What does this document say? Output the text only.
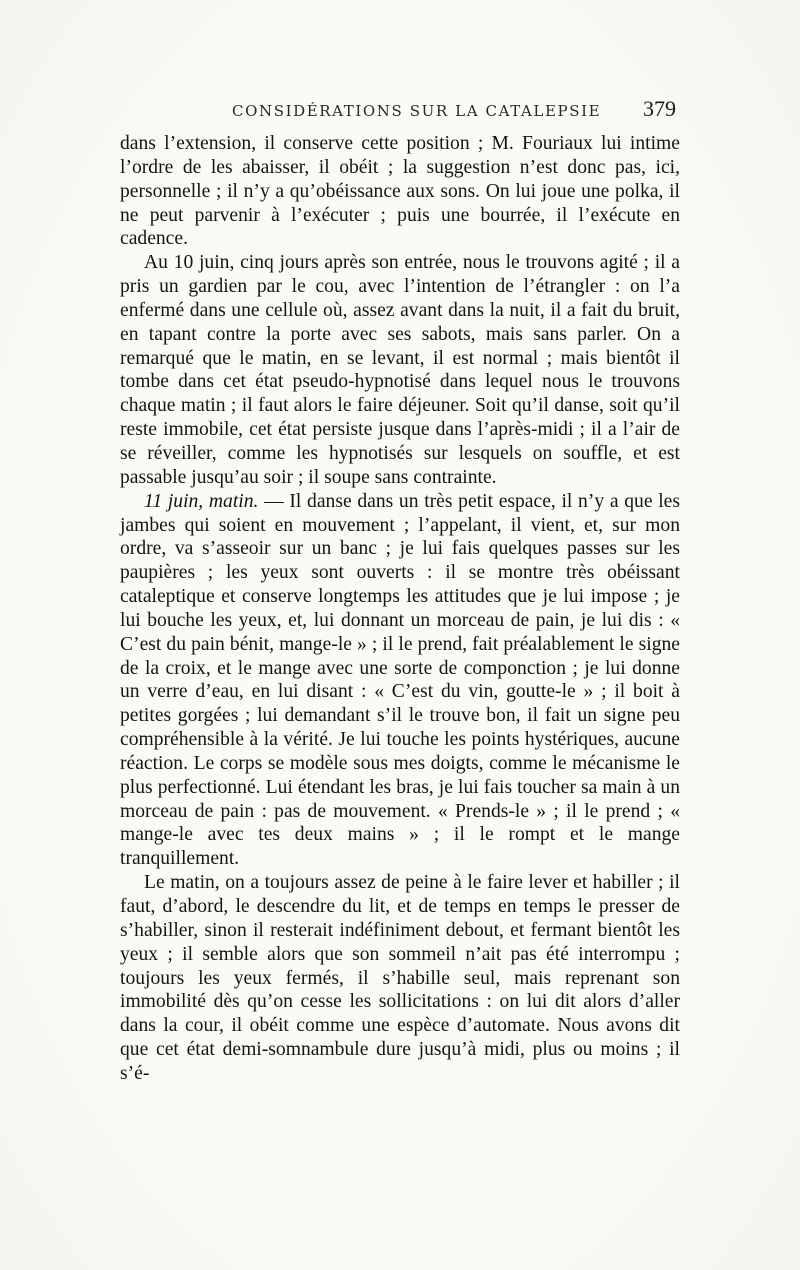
CONSIDÉRATIONS SUR LA CATALEPSIE 379

dans l’extension, il conserve cette position ; M. Fouriaux lui intime l’ordre de les abaisser, il obéit ; la suggestion n’est donc pas, ici, personnelle ; il n’y a qu’obéissance aux sons. On lui joue une polka, il ne peut parvenir à l’exécuter ; puis une bourrée, il l’exécute en cadence.

Au 10 juin, cinq jours après son entrée, nous le trouvons agité ; il a pris un gardien par le cou, avec l’intention de l’étrangler : on l’a enfermé dans une cellule où, assez avant dans la nuit, il a fait du bruit, en tapant contre la porte avec ses sabots, mais sans parler. On a remarqué que le matin, en se levant, il est normal ; mais bientôt il tombe dans cet état pseudo-hypnotisé dans lequel nous le trouvons chaque matin ; il faut alors le faire déjeuner. Soit qu’il danse, soit qu’il reste immobile, cet état persiste jusque dans l’après-midi ; il a l’air de se réveiller, comme les hypnotisés sur lesquels on souffle, et est passable jusqu’au soir ; il soupe sans contrainte.

11 juin, matin. — Il danse dans un très petit espace, il n’y a que les jambes qui soient en mouvement ; l’appelant, il vient, et, sur mon ordre, va s’asseoir sur un banc ; je lui fais quelques passes sur les paupières ; les yeux sont ouverts : il se montre très obéissant cataleptique et conserve longtemps les attitudes que je lui impose ; je lui bouche les yeux, et, lui donnant un morceau de pain, je lui dis : « C’est du pain bénit, mange-le » ; il le prend, fait préalablement le signe de la croix, et le mange avec une sorte de componction ; je lui donne un verre d’eau, en lui disant : « C’est du vin, goutte-le » ; il boit à petites gorgées ; lui demandant s’il le trouve bon, il fait un signe peu compréhensible à la vérité. Je lui touche les points hystériques, aucune réaction. Le corps se modèle sous mes doigts, comme le mécanisme le plus perfectionné. Lui étendant les bras, je lui fais toucher sa main à un morceau de pain : pas de mouvement. « Prends-le » ; il le prend ; « mange-le avec tes deux mains » ; il le rompt et le mange tranquillement.

Le matin, on a toujours assez de peine à le faire lever et habiller ; il faut, d’abord, le descendre du lit, et de temps en temps le presser de s’habiller, sinon il resterait indéfiniment debout, et fermant bientôt les yeux ; il semble alors que son sommeil n’ait pas été interrompu ; toujours les yeux fermés, il s’habille seul, mais reprenant son immobilité dès qu’on cesse les sollicitations : on lui dit alors d’aller dans la cour, il obéit comme une espèce d’automate. Nous avons dit que cet état demi-somnambule dure jusqu’à midi, plus ou moins ; il s’é-
